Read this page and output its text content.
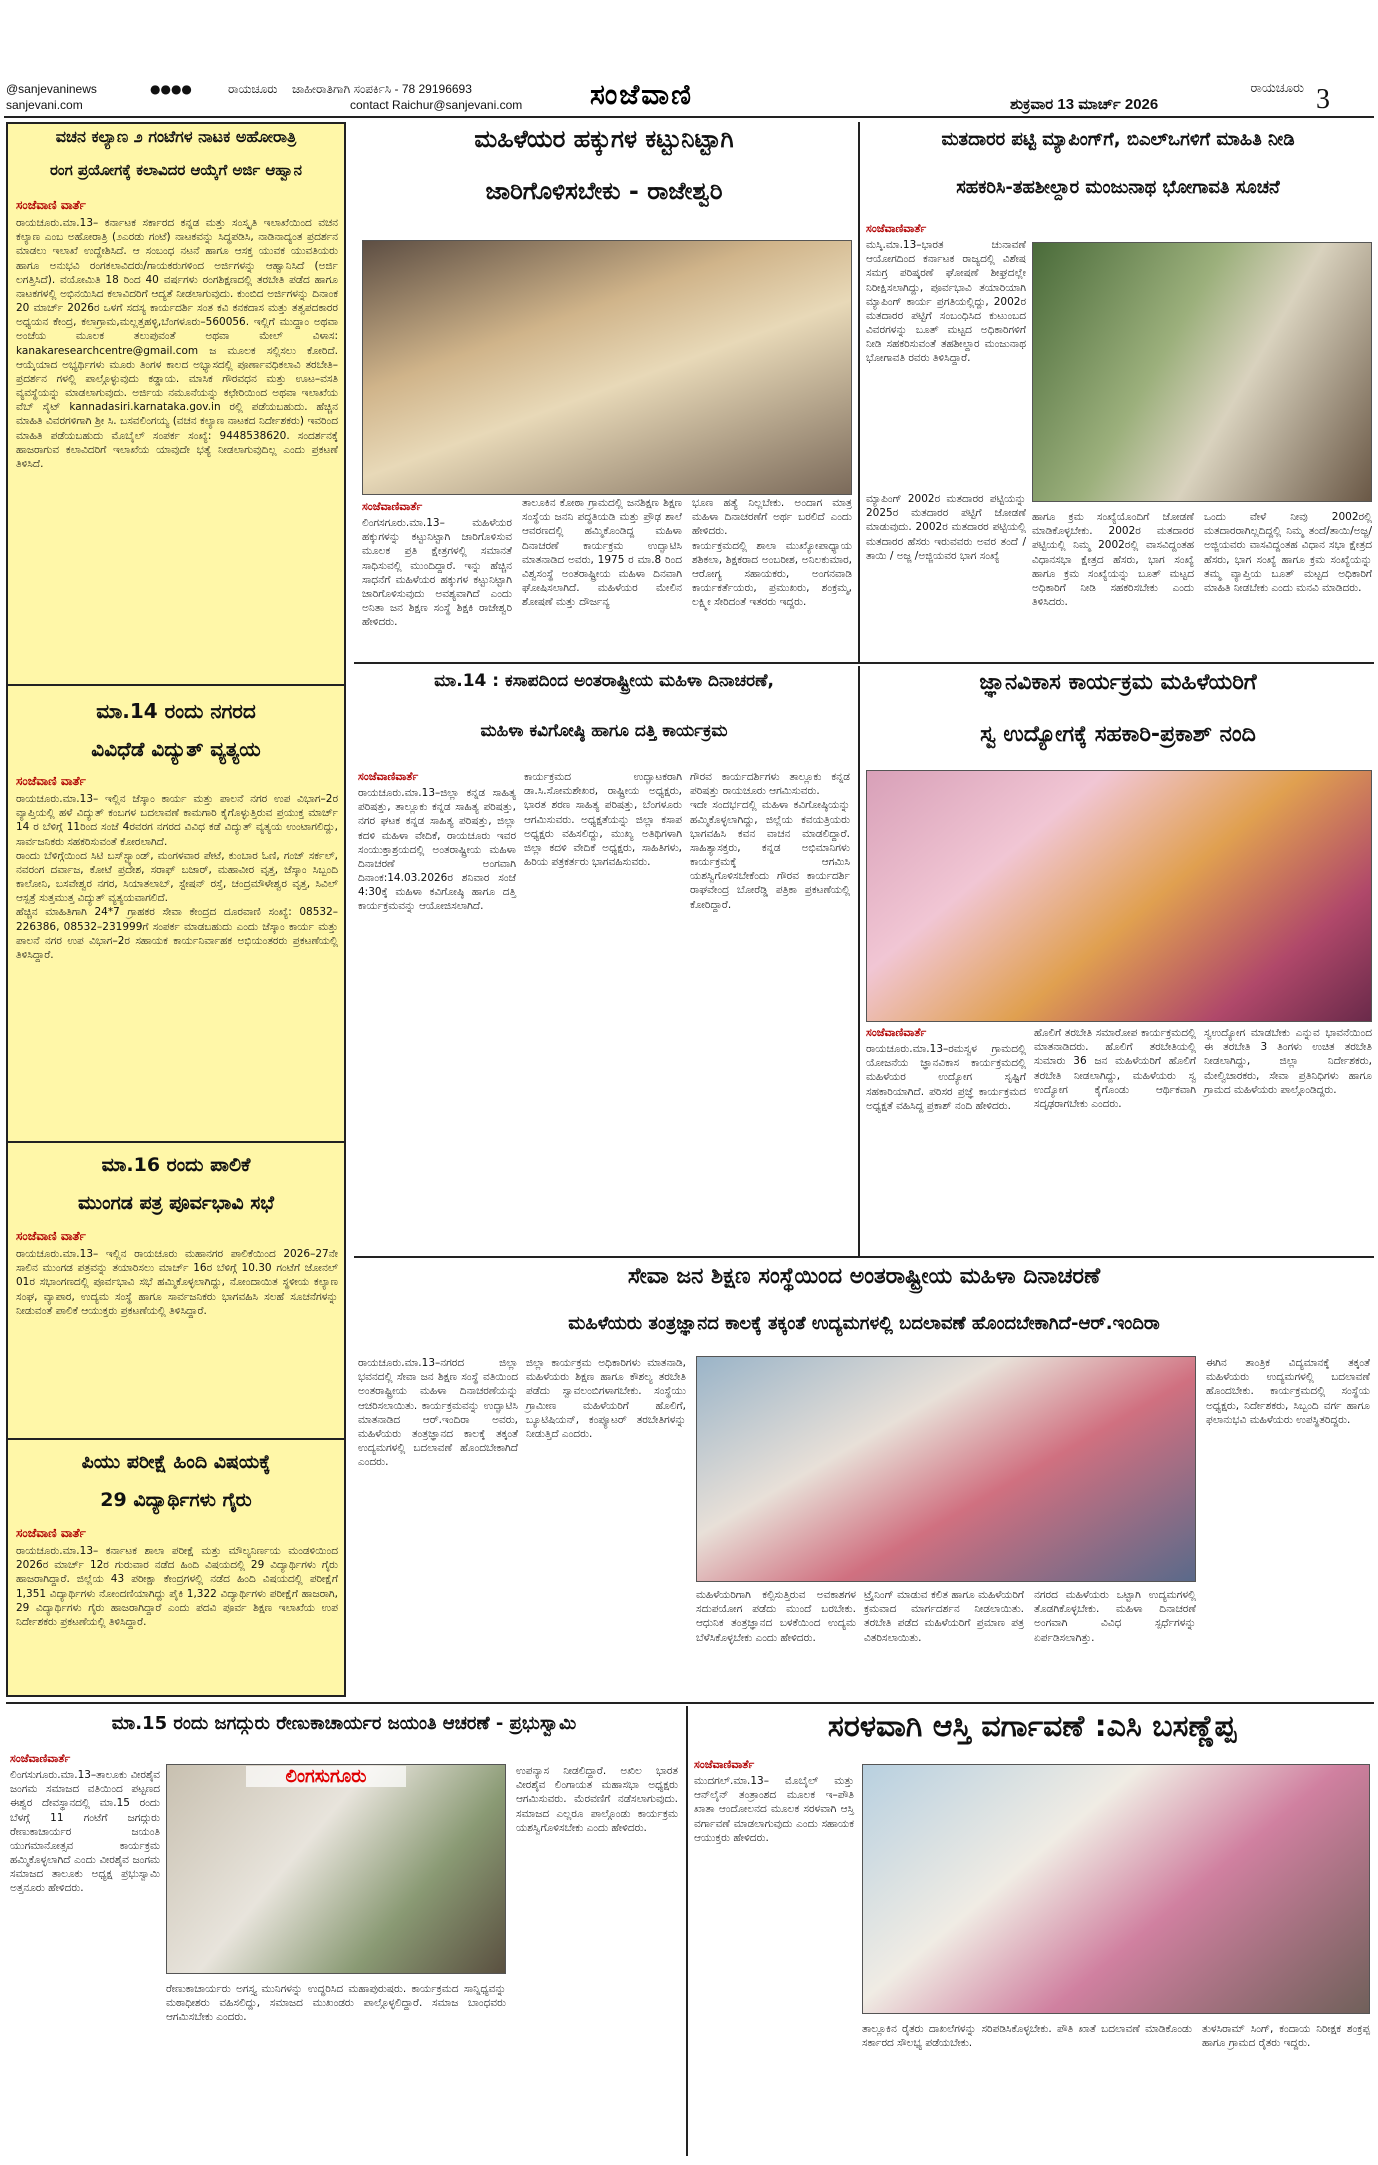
@sanjevaninews	●●●●
sanjevani.com
ರಾಯಚೂರು	ಜಾಹೀರಾತಿಗಾಗಿ ಸಂಪರ್ಕಿಸಿ - 78 29196693
contact Raichur@sanjevani.com	ಸಂಜೆವಾಣಿ	ರಾಯಚೂರು
ಶುಕ್ರವಾರ 13 ಮಾರ್ಚ್ 2026	3
ವಚನ ಕಲ್ಯಾಣ ೨ ಗಂಟೆಗಳ ನಾಟಕ ಅಹೋರಾತ್ರಿ
ರಂಗ ಪ್ರಯೋಗಕ್ಕೆ ಕಲಾವಿದರ ಆಯ್ಕೆಗೆ ಅರ್ಜಿ ಆಹ್ವಾನ
ಸಂಜೆವಾಣಿ ವಾರ್ತೆ
ರಾಯಚೂರು.ಮಾ.13– ಕರ್ನಾಟಕ ಸರ್ಕಾರದ ಕನ್ನಡ ಮತ್ತು ಸಂಸ್ಕೃತಿ ಇಲಾಖೆಯಿಂದ ವಚನ ಕಲ್ಯಾಣ ಎಂಬ ಅಹೋರಾತ್ರಿ (೨ಎರಡು ಗಂಟೆ) ನಾಟಕವನ್ನು ಸಿದ್ಧಪಡಿಸಿ, ನಾಡಿನಾದ್ಯಂತ ಪ್ರದರ್ಶನ ಮಾಡಲು ಇಲಾಖೆ ಉದ್ದೇಶಿಸಿದೆ. ಆ ಸಂಬಂಧ ನಟನೆ ಹಾಗೂ ಆಸಕ್ತ ಯುವಕ ಯುವತಿಯರು ಹಾಗೂ ಅನುಭವಿ ರಂಗಕಲಾವಿದರು/ಗಾಯಕರುಗಳಿಂದ ಅರ್ಜಿಗಳನ್ನು ಆಹ್ವಾನಿಸಿದೆ (ಅರ್ಜಿ ಲಗತ್ತಿಸಿದೆ). ವಯೋಮಿತಿ 18 ರಿಂದ 40 ವರ್ಷಗಳು ರಂಗಶಿಕ್ಷಣದಲ್ಲಿ ತರಬೇತಿ ಪಡೆದ ಹಾಗೂ ನಾಟಕಗಳಲ್ಲಿ ಅಭಿನಯಿಸಿದ ಕಲಾವಿದರಿಗೆ ಆದ್ಯತೆ ನೀಡಲಾಗುವುದು. ಕುಂಬಿದ ಅರ್ಜಿಗಳನ್ನು ದಿನಾಂಕ 20 ಮಾರ್ಚ್ 2026ರ ಒಳಗೆ ಸದಸ್ಯ ಕಾರ್ಯದರ್ಶಿ ಸಂತ ಕವಿ ಕನಕದಾಸ ಮತ್ತು ತತ್ವಪದಕಾರರ ಅಧ್ಯಯನ ಕೇಂದ್ರ, ಕಲಾಗ್ರಾಮ,ಮಲ್ಲತ್ತಹಳ್ಳಿ,ಬೆಂಗಳೂರು–560056. ಇಲ್ಲಿಗೆ ಮುದ್ದಾಂ ಅಥವಾ ಅಂಚೆಯ ಮೂಲಕ ತಲುಪುವಂತೆ ಅಥವಾ ಮೇಲ್ ವಿಳಾಸ: kanakaresearchcentre@gmail.com ಜ ಮೂಲಕ ಸಲ್ಲಿಸಲು ಕೋರಿದೆ. ಆಯ್ಕೆಯಾದ ಅಭ್ಯರ್ಥಿಗಳು ಮೂರು ತಿಂಗಳ ಕಾಲದ ಅಭ್ಯಾಸದಲ್ಲಿ ಪೂರ್ಣಾವಧಿಕಲಾವಿ ತರಬೇತಿ– ಪ್ರದರ್ಶನ ಗಳಲ್ಲಿ ಪಾಲ್ಗೊಳ್ಳುವುದು ಕಡ್ಡಾಯ. ಮಾಸಿಕ ಗೌರವಧನ ಮತ್ತು ಊಟ–ವಸತಿ ವ್ಯವಸ್ಥೆಯನ್ನು ಮಾಡಲಾಗುವುದು. ಅರ್ಜಿಯ ನಮೂನೆಯನ್ನು ಕಛೇರಿಯಿಂದ ಅಥವಾ ಇಲಾಖೆಯ ವೆಬ್ ಸೈಟ್ kannadasiri.karnataka.gov.in ರಲ್ಲಿ ಪಡೆಯಬಹುದು. ಹೆಚ್ಚಿನ ಮಾಹಿತಿ ವಿವರಗಳಿಗಾಗಿ ಶ್ರೀ ಸಿ. ಬಸವಲಿಂಗಯ್ಯ (ವಚನ ಕಲ್ಯಾಣ ನಾಟಕದ ನಿರ್ದೇಶಕರು) ಇವರಿಂದ ಮಾಹಿತಿ ಪಡೆಯಬಹುದು ಮೊಬೈಲ್ ಸಂಪರ್ಕ ಸಂಖ್ಯೆ: 9448538620. ಸಂದರ್ಶನಕ್ಕೆ ಹಾಜರಾಗುವ ಕಲಾವಿದರಿಗೆ ಇಲಾಖೆಯ ಯಾವುದೇ ಭತ್ಯೆ ನೀಡಲಾಗುವುದಿಲ್ಲ ಎಂದು ಪ್ರಕಟಣೆ ತಿಳಿಸಿದೆ.
ಮಾ.14 ರಂದು ನಗರದ
ವಿವಿಧೆಡೆ ವಿದ್ಯುತ್ ವ್ಯತ್ಯಯ
ಸಂಜೆವಾಣಿ ವಾರ್ತೆ
ರಾಯಚೂರು.ಮಾ.13– ಇಲ್ಲಿನ ಜೆಸ್ಕಾಂ ಕಾರ್ಯ ಮತ್ತು ಪಾಲನೆ ನಗರ ಉಪ ವಿಭಾಗ–2ರ ವ್ಯಾಪ್ತಿಯಲ್ಲಿ ಹಳೆ ವಿದ್ಯುತ್ ಕಂಬಗಳ ಬದಲಾವಣೆ ಕಾಮಗಾರಿ ಕೈಗೊಳ್ಳುತ್ತಿರುವ ಪ್ರಯುಕ್ತ ಮಾರ್ಚ್ 14 ರ ಬೆಳಿಗ್ಗೆ 11ರಿಂದ ಸಂಜೆ 4ರವರಗ ನಗರದ ವಿವಿಧ ಕಡೆ ವಿದ್ಯುತ್ ವ್ಯತ್ಯಯ ಉಂಟಾಗಲಿದ್ದು, ಸಾರ್ವಜನಿಕರು ಸಹಕರಿಸುವಂತೆ ಕೋರಲಾಗಿದೆ.
ರಾಂದು ಬೆಳಿಗ್ಗೆಯಿಂದ ಸಿಟಿ ಬಸ್‌ಸ್ಟ್ಯಾಂಡ್, ಮಂಗಳವಾರ ಪೇಟೆ, ಕುಂಬಾರ ಓಣಿ, ಗಂಜ್ ಸರ್ಕಲ್, ನವರಂಗ ದರ್ವಾಜ, ಕೋಟೆ ಪ್ರದೇಶ, ಸರಾಫ್ ಬಜಾರ್, ಮಹಾವೀರ ವೃತ್ತ, ಜೆಸ್ಕಾಂ ಸಿಬ್ಬಂದಿ ಕಾಲೋನಿ, ಬಸವೇಶ್ವರ ನಗರ, ಸಿಯಾತಲಾಬ್, ಸ್ಟೇಷನ್ ರಸ್ತೆ, ಚಂದ್ರಮೌಳೇಶ್ವರ ವೃತ್ತ, ಸಿವಿಲ್ ಆಸ್ಪತ್ರೆ ಸುತ್ತಮುತ್ತ ವಿದ್ಯುತ್ ವ್ಯತ್ಯಯವಾಗಲಿದೆ.
ಹೆಚ್ಚಿನ ಮಾಹಿತಿಗಾಗಿ 24*7 ಗ್ರಾಹಕರ ಸೇವಾ ಕೇಂದ್ರದ ದೂರವಾಣಿ ಸಂಖ್ಯೆ: 08532–226386, 08532–231999ಗೆ ಸಂಪರ್ಕ ಮಾಡಬಹುದು ಎಂದು ಜೆಸ್ಕಾಂ ಕಾರ್ಯ ಮತ್ತು ಪಾಲನೆ ನಗರ ಉಪ ವಿಭಾಗ–2ರ ಸಹಾಯಕ ಕಾರ್ಯನಿರ್ವಾಹಕ ಅಭಿಯಂತರರು ಪ್ರಕಟಣೆಯಲ್ಲಿ ತಿಳಿಸಿದ್ದಾರೆ.
ಮಾ.16 ರಂದು ಪಾಲಿಕೆ
ಮುಂಗಡ ಪತ್ರ ಪೂರ್ವಭಾವಿ ಸಭೆ
ಸಂಜೆವಾಣಿ ವಾರ್ತೆ
ರಾಯಚೂರು.ಮಾ.13– ಇಲ್ಲಿನ ರಾಯಚೂರು ಮಹಾನಗರ ಪಾಲಿಕೆಯಿಂದ 2026–27ನೇ ಸಾಲಿನ ಮುಂಗಡ ಪತ್ರವನ್ನು ತಯಾರಿಸಲು ಮಾರ್ಚ್ 16ರ ಬೆಳಿಗ್ಗೆ 10.30 ಗಂಟೆಗೆ ಜೋನಲ್ 01ರ ಸಭಾಂಗಣದಲ್ಲಿ ಪೂರ್ವಭಾವಿ ಸಭೆ ಹಮ್ಮಿಕೊಳ್ಳಲಾಗಿದ್ದು, ನೋಂದಾಯಿತ ಸ್ಥಳೀಯ ಕಲ್ಯಾಣ ಸಂಘ, ವ್ಯಾಪಾರ, ಉದ್ಯಮ ಸಂಸ್ಥೆ ಹಾಗೂ ಸಾರ್ವಜನಿಕರು ಭಾಗವಹಿಸಿ ಸಲಹೆ ಸೂಚನೆಗಳನ್ನು ನೀಡುವಂತೆ ಪಾಲಿಕೆ ಆಯುಕ್ತರು ಪ್ರಕಟಣೆಯಲ್ಲಿ ತಿಳಿಸಿದ್ದಾರೆ.
ಪಿಯು ಪರೀಕ್ಷೆ ಹಿಂದಿ ವಿಷಯಕ್ಕೆ
29 ವಿದ್ಯಾರ್ಥಿಗಳು ಗೈರು
ಸಂಜೆವಾಣಿ ವಾರ್ತೆ
ರಾಯಚೂರು.ಮಾ.13– ಕರ್ನಾಟಕ ಶಾಲಾ ಪರೀಕ್ಷೆ ಮತ್ತು ಮೌಲ್ಯನಿರ್ಣಯ ಮಂಡಳಿಯಿಂದ 2026ರ ಮಾರ್ಚ್ 12ರ ಗುರುವಾರ ನಡೆದ ಹಿಂದಿ ವಿಷಯದಲ್ಲಿ 29 ವಿದ್ಯಾರ್ಥಿಗಳು ಗೈರು ಹಾಜರಾಗಿದ್ದಾರೆ. ಜಿಲ್ಲೆಯ 43 ಪರೀಕ್ಷಾ ಕೇಂದ್ರಗಳಲ್ಲಿ ನಡೆದ ಹಿಂದಿ ವಿಷಯದಲ್ಲಿ ಪರೀಕ್ಷೆಗೆ 1,351 ವಿದ್ಯಾರ್ಥಿಗಳು ನೋಂದಣಿಯಾಗಿದ್ದು ಪೈಕಿ 1,322 ವಿದ್ಯಾರ್ಥಿಗಳು ಪರೀಕ್ಷೆಗೆ ಹಾಜರಾಗಿ, 29 ವಿದ್ಯಾರ್ಥಿಗಳು ಗೈರು ಹಾಜರಾಗಿದ್ದಾರೆ ಎಂದು ಪದವಿ ಪೂರ್ವ ಶಿಕ್ಷಣ ಇಲಾಖೆಯ ಉಪ ನಿರ್ದೇಶಕರು ಪ್ರಕಟಣೆಯಲ್ಲಿ ತಿಳಿಸಿದ್ದಾರೆ.
ಮಹಿಳೆಯರ ಹಕ್ಕುಗಳ ಕಟ್ಟುನಿಟ್ಟಾಗಿ
ಜಾರಿಗೊಳಿಸಬೇಕು - ರಾಜೇಶ್ವರಿ
ಸಂಜೆವಾಣಿವಾರ್ತೆ
ಲಿಂಗಸಗೂರು.ಮಾ.13– ಮಹಿಳೆಯರ ಹಕ್ಕುಗಳನ್ನು ಕಟ್ಟುನಿಟ್ಟಾಗಿ ಜಾರಿಗೊಳಿಸುವ ಮೂಲಕ ಪ್ರತಿ ಕ್ಷೇತ್ರಗಳಲ್ಲಿ ಸಮಾನತೆ ಸಾಧಿಸುವಲ್ಲಿ ಮುಂದಿದ್ದಾರೆ. ಇನ್ನು ಹೆಚ್ಚಿನ ಸಾಧನೆಗೆ ಮಹಿಳೆಯರ ಹಕ್ಕುಗಳ ಕಟ್ಟುನಿಟ್ಟಾಗಿ ಜಾರಿಗೊಳಿಸುವುದು ಅವಶ್ಯವಾಗಿದೆ ಎಂದು ಅನಿತಾ ಜನ ಶಿಕ್ಷಣ ಸಂಸ್ಥೆ ಶಿಕ್ಷಕಿ ರಾಜೇಶ್ವರಿ ಹೇಳಿದರು.
ತಾಲೂಕಿನ ಕೋಠಾ ಗ್ರಾಮದಲ್ಲಿ ಜನಶಿಕ್ಷಣ ಶಿಕ್ಷಣ ಸಂಸ್ಥೆಯ ಜನನಿ ಪದ್ಧತಿಯಡಿ ಮತ್ತು ಪ್ರೌಢ ಶಾಲೆ ಆವರಣದಲ್ಲಿ ಹಮ್ಮಿಕೊಂಡಿದ್ದ ಮಹಿಳಾ ದಿನಾಚರಣೆ ಕಾರ್ಯಕ್ರಮ ಉದ್ಘಾಟಿಸಿ ಮಾತನಾಡಿದ ಅವರು, 1975 ರ ಮಾ.8 ರಿಂದ ವಿಶ್ವಸಂಸ್ಥೆ ಅಂತರಾಷ್ಟ್ರೀಯ ಮಹಿಳಾ ದಿನವಾಗಿ ಘೋಷಿಸಲಾಗಿದೆ. ಮಹಿಳೆಯರ ಮೇಲಿನ ಶೋಷಣೆ ಮತ್ತು ದೌರ್ಜನ್ಯ
ಭೂಣ ಹತ್ಯೆ ನಿಲ್ಲಬೇಕು. ಅಂದಾಗ ಮಾತ್ರ ಮಹಿಳಾ ದಿನಾಚರಣೆಗೆ ಅರ್ಥ ಬರಲಿದೆ ಎಂದು ಹೇಳಿದರು.
ಕಾರ್ಯಕ್ರಮದಲ್ಲಿ ಶಾಲಾ ಮುಖ್ಯೋಪಾಧ್ಯಾಯ ಶಶಿಕಲಾ, ಶಿಕ್ಷಕರಾದ ಅಂಬರೀಶ, ಅನಿಲಕುಮಾರ, ಆರೋಗ್ಯ ಸಹಾಯಕರು, ಅಂಗನವಾಡಿ ಕಾರ್ಯಕರ್ತೆಯರು, ಪ್ರಮುಖರು, ಶಂಕ್ರಮ್ಮ, ಲಕ್ಷ್ಮೀ ಸೇರಿದಂತೆ ಇತರರು ಇದ್ದರು.
ಮತದಾರರ ಪಟ್ಟಿ ಮ್ಯಾಪಿಂಗ್‌ಗೆ, ಬಿಎಲ್‌ಒಗಳಿಗೆ ಮಾಹಿತಿ ನೀಡಿ
ಸಹಕರಿಸಿ-ತಹಶೀಲ್ದಾರ ಮಂಜುನಾಥ ಭೋಗಾವತಿ ಸೂಚನೆ
ಸಂಜೆವಾಣಿವಾರ್ತೆ
ಮಸ್ಕಿ.ಮಾ.13–ಭಾರತ ಚುನಾವಣೆ ಆಯೋಗದಿಂದ ಕರ್ನಾಟಕ ರಾಜ್ಯದಲ್ಲಿ ವಿಶೇಷ ಸಮಗ್ರ ಪರಿಷ್ಕರಣೆ ಘೋಷಣೆ ಶೀಘ್ರದಲ್ಲೇ ನಿರೀಕ್ಷಿಸಲಾಗಿದ್ದು, ಪೂರ್ವಭಾವಿ ತಯಾರಿಯಾಗಿ ಮ್ಯಾಪಿಂಗ್ ಕಾರ್ಯ ಪ್ರಗತಿಯಲ್ಲಿದ್ದು, 2002ರ ಮತದಾರರ ಪಟ್ಟಿಗೆ ಸಂಬಂಧಿಸಿದ ಕುಟುಂಬದ ವಿವರಗಳನ್ನು ಬೂತ್ ಮಟ್ಟದ ಅಧಿಕಾರಿಗಳಿಗೆ ನೀಡಿ ಸಹಕರಿಸುವಂತೆ ತಹಶೀಲ್ದಾರ ಮಂಜುನಾಥ ಭೋಗಾವತಿ ರವರು ತಿಳಿಸಿದ್ದಾರೆ.
ಮ್ಯಾಪಿಂಗ್ 2002ರ ಮತದಾರರ ಪಟ್ಟಿಯನ್ನು 2025ರ ಮತದಾರರ ಪಟ್ಟಿಗೆ ಜೋಡಣೆ ಮಾಡುವುದು. 2002ರ ಮತದಾರರ ಪಟ್ಟಿಯಲ್ಲಿ ಮತದಾರರ ಹೆಸರು ಇರುವವರು ಅವರ ತಂದೆ / ತಾಯಿ / ಅಜ್ಜ /ಅಜ್ಜಿಯವರ ಭಾಗ ಸಂಖ್ಯೆ
ಹಾಗೂ ಕ್ರಮ ಸಂಖ್ಯೆಯೊಂದಿಗೆ ಜೋಡಣೆ ಮಾಡಿಕೊಳ್ಳಬೇಕು. 2002ರ ಮತದಾರರ ಪಟ್ಟಿಯಲ್ಲಿ ನಿಮ್ಮ 2002ರಲ್ಲಿ ವಾಸವಿದ್ದಂತಹ ವಿಧಾನಸಭಾ ಕ್ಷೇತ್ರದ ಹೆಸರು, ಭಾಗ ಸಂಖ್ಯೆ ಹಾಗೂ ಕ್ರಮ ಸಂಖ್ಯೆಯನ್ನು ಬೂತ್ ಮಟ್ಟದ ಅಧಿಕಾರಿಗೆ ನೀಡಿ ಸಹಕರಿಸಬೇಕು ಎಂದು ತಿಳಿಸಿದರು.
ಒಂದು ವೇಳೆ ನೀವು 2002ರಲ್ಲಿ ಮತದಾರರಾಗಿಲ್ಲದಿದ್ದಲ್ಲಿ ನಿಮ್ಮ ತಂದೆ/ತಾಯಿ/ಅಜ್ಜ/ಅಜ್ಜಿಯವರು ವಾಸವಿದ್ದಂತಹ ವಿಧಾನ ಸಭಾ ಕ್ಷೇತ್ರದ ಹೆಸರು, ಭಾಗ ಸಂಖ್ಯೆ ಹಾಗೂ ಕ್ರಮ ಸಂಖ್ಯೆಯನ್ನು ತಮ್ಮ ವ್ಯಾಪ್ತಿಯ ಬೂತ್ ಮಟ್ಟದ ಅಧಿಕಾರಿಗೆ ಮಾಹಿತಿ ನೀಡಬೇಕು ಎಂದು ಮನವಿ ಮಾಡಿದರು.
ಮಾ.14 : ಕಸಾಪದಿಂದ ಅಂತರಾಷ್ಟ್ರೀಯ ಮಹಿಳಾ ದಿನಾಚರಣೆ,
ಮಹಿಳಾ ಕವಿಗೋಷ್ಠಿ ಹಾಗೂ ದತ್ತಿ ಕಾರ್ಯಕ್ರಮ
ಸಂಜೆವಾಣಿವಾರ್ತೆ
ರಾಯಚೂರು.ಮಾ.13–ಜಿಲ್ಲಾ ಕನ್ನಡ ಸಾಹಿತ್ಯ ಪರಿಷತ್ತು, ತಾಲ್ಲೂಕು ಕನ್ನಡ ಸಾಹಿತ್ಯ ಪರಿಷತ್ತು, ನಗರ ಘಟಕ ಕನ್ನಡ ಸಾಹಿತ್ಯ ಪರಿಷತ್ತು, ಜಿಲ್ಲಾ ಕದಳಿ ಮಹಿಳಾ ವೇದಿಕೆ, ರಾಯಚೂರು ಇವರ ಸಂಯುಕ್ತಾಶ್ರಯದಲ್ಲಿ ಅಂತರಾಷ್ಟ್ರೀಯ ಮಹಿಳಾ ದಿನಾಚರಣೆ ಅಂಗವಾಗಿ ದಿನಾಂಕ:14.03.2026ರ ಶನಿವಾರ ಸಂಜೆ 4:30ಕ್ಕೆ ಮಹಿಳಾ ಕವಿಗೋಷ್ಠಿ ಹಾಗೂ ದತ್ತಿ ಕಾರ್ಯಕ್ರಮವನ್ನು ಆಯೋಜಿಸಲಾಗಿದೆ.
ಕಾರ್ಯಕ್ರಮದ ಉದ್ಘಾಟಕರಾಗಿ ಡಾ.ಸಿ.ಸೋಮಶೇಖರ, ರಾಷ್ಟ್ರೀಯ ಅಧ್ಯಕ್ಷರು, ಭಾರತ ಶರಣ ಸಾಹಿತ್ಯ ಪರಿಷತ್ತು, ಬೆಂಗಳೂರು ಆಗಮಿಸುವರು. ಅಧ್ಯಕ್ಷತೆಯನ್ನು ಜಿಲ್ಲಾ ಕಸಾಪ ಅಧ್ಯಕ್ಷರು ವಹಿಸಲಿದ್ದು, ಮುಖ್ಯ ಅತಿಥಿಗಳಾಗಿ ಜಿಲ್ಲಾ ಕದಳಿ ವೇದಿಕೆ ಅಧ್ಯಕ್ಷರು, ಸಾಹಿತಿಗಳು, ಹಿರಿಯ ಪತ್ರಕರ್ತರು ಭಾಗವಹಿಸುವರು.
ಗೌರವ ಕಾರ್ಯದರ್ಶಿಗಳು ತಾಲ್ಲೂಕು ಕನ್ನಡ ಪರಿಷತ್ತು ರಾಯಚೂರು ಆಗಮಿಸುವರು.
ಇದೇ ಸಂದರ್ಭದಲ್ಲಿ ಮಹಿಳಾ ಕವಿಗೋಷ್ಠಿಯನ್ನು ಹಮ್ಮಿಕೊಳ್ಳಲಾಗಿದ್ದು, ಜಿಲ್ಲೆಯ ಕವಯತ್ರಿಯರು ಭಾಗವಹಿಸಿ ಕವನ ವಾಚನ ಮಾಡಲಿದ್ದಾರೆ. ಸಾಹಿತ್ಯಾಸಕ್ತರು, ಕನ್ನಡ ಅಭಿಮಾನಿಗಳು ಕಾರ್ಯಕ್ರಮಕ್ಕೆ ಆಗಮಿಸಿ ಯಶಸ್ವಿಗೊಳಿಸಬೇಕೆಂದು ಗೌರವ ಕಾರ್ಯದರ್ಶಿ ರಾಘವೇಂದ್ರ ಬೋರೆಡ್ಡಿ ಪತ್ರಿಕಾ ಪ್ರಕಟಣೆಯಲ್ಲಿ ಕೋರಿದ್ದಾರೆ.
ಜ್ಞಾನವಿಕಾಸ ಕಾರ್ಯಕ್ರಮ ಮಹಿಳೆಯರಿಗೆ
ಸ್ವ ಉದ್ಯೋಗಕ್ಕೆ ಸಹಕಾರಿ-ಪ್ರಕಾಶ್ ನಂದಿ
ಸಂಜೆವಾಣಿವಾರ್ತೆ
ರಾಯಚೂರು.ಮಾ.13–ರಮಸ್ವಳ ಗ್ರಾಮದಲ್ಲಿ ಯೋಜನೆಯ ಜ್ಞಾನವಿಕಾಸ ಕಾರ್ಯಕ್ರಮದಲ್ಲಿ ಮಹಿಳೆಯರ ಉದ್ಯೋಗ ಸೃಷ್ಟಿಗೆ ಸಹಕಾರಿಯಾಗಿದೆ. ಪರಿಸರ ಪ್ರಜ್ಞೆ ಕಾರ್ಯಕ್ರಮದ ಅಧ್ಯಕ್ಷತೆ ವಹಿಸಿದ್ದ ಪ್ರಕಾಶ್ ನಂದಿ ಹೇಳಿದರು.
ಹೊಲಿಗೆ ತರಬೇತಿ ಸಮಾರೋಪ ಕಾರ್ಯಕ್ರಮದಲ್ಲಿ ಮಾತನಾಡಿದರು. ಹೊಲಿಗೆ ತರಬೇತಿಯಲ್ಲಿ ಸುಮಾರು 36 ಜನ ಮಹಿಳೆಯರಿಗೆ ಹೊಲಿಗೆ ತರಬೇತಿ ನೀಡಲಾಗಿದ್ದು, ಮಹಿಳೆಯರು ಸ್ವ ಉದ್ಯೋಗ ಕೈಗೊಂಡು ಆರ್ಥಿಕವಾಗಿ ಸದೃಢರಾಗಬೇಕು ಎಂದರು.
ಸ್ವಉದ್ಯೋಗ ಮಾಡಬೇಕು ಎನ್ನುವ ಭಾವನೆಯಿಂದ ಈ ತರಬೇತಿ 3 ತಿಂಗಳು ಉಚಿತ ತರಬೇತಿ ನೀಡಲಾಗಿದ್ದು, ಜಿಲ್ಲಾ ನಿರ್ದೇಶಕರು, ಮೇಲ್ವಿಚಾರಕರು, ಸೇವಾ ಪ್ರತಿನಿಧಿಗಳು ಹಾಗೂ ಗ್ರಾಮದ ಮಹಿಳೆಯರು ಪಾಲ್ಗೊಂಡಿದ್ದರು.
ಸೇವಾ ಜನ ಶಿಕ್ಷಣ ಸಂಸ್ಥೆಯಿಂದ ಅಂತರಾಷ್ಟ್ರೀಯ ಮಹಿಳಾ ದಿನಾಚರಣೆ
ಮಹಿಳೆಯರು ತಂತ್ರಜ್ಞಾನದ ಕಾಲಕ್ಕೆ ತಕ್ಕಂತೆ ಉದ್ಯಮಗಳಲ್ಲಿ ಬದಲಾವಣೆ ಹೊಂದಬೇಕಾಗಿದೆ-ಆರ್.ಇಂದಿರಾ
ರಾಯಚೂರು.ಮಾ.13–ನಗರದ ಜಿಲ್ಲಾ ಭವನದಲ್ಲಿ ಸೇವಾ ಜನ ಶಿಕ್ಷಣ ಸಂಸ್ಥೆ ವತಿಯಿಂದ ಅಂತರಾಷ್ಟ್ರೀಯ ಮಹಿಳಾ ದಿನಾಚರಣೆಯನ್ನು ಆಚರಿಸಲಾಯಿತು. ಕಾರ್ಯಕ್ರಮವನ್ನು ಉದ್ಘಾಟಿಸಿ ಮಾತನಾಡಿದ ಆರ್.ಇಂದಿರಾ ಅವರು, ಮಹಿಳೆಯರು ತಂತ್ರಜ್ಞಾನದ ಕಾಲಕ್ಕೆ ತಕ್ಕಂತೆ ಉದ್ಯಮಗಳಲ್ಲಿ ಬದಲಾವಣೆ ಹೊಂದಬೇಕಾಗಿದೆ ಎಂದರು.
ಜಿಲ್ಲಾ ಕಾರ್ಯಕ್ರಮ ಅಧಿಕಾರಿಗಳು ಮಾತನಾಡಿ, ಮಹಿಳೆಯರು ಶಿಕ್ಷಣ ಹಾಗೂ ಕೌಶಲ್ಯ ತರಬೇತಿ ಪಡೆದು ಸ್ವಾವಲಂಬಿಗಳಾಗಬೇಕು. ಸಂಸ್ಥೆಯು ಗ್ರಾಮೀಣ ಮಹಿಳೆಯರಿಗೆ ಹೊಲಿಗೆ, ಬ್ಯೂಟಿಷಿಯನ್, ಕಂಪ್ಯೂಟರ್ ತರಬೇತಿಗಳನ್ನು ನೀಡುತ್ತಿದೆ ಎಂದರು.
ಮಹಿಳೆಯರಿಗಾಗಿ ಕಲ್ಪಿಸುತ್ತಿರುವ ಅವಕಾಶಗಳ ಸದುಪಯೋಗ ಪಡೆದು ಮುಂದೆ ಬರಬೇಕು. ಆಧುನಿಕ ತಂತ್ರಜ್ಞಾನದ ಬಳಕೆಯಿಂದ ಉದ್ಯಮ ಬೆಳೆಸಿಕೊಳ್ಳಬೇಕು ಎಂದು ಹೇಳಿದರು.
ಟ್ರೈನಿಂಗ್ ಮಾಡುವ ಕಲಿತ ಹಾಗೂ ಮಹಿಳೆಯರಿಗೆ ಕ್ರಮವಾದ ಮಾರ್ಗದರ್ಶನ ನೀಡಲಾಯಿತು. ತರಬೇತಿ ಪಡೆದ ಮಹಿಳೆಯರಿಗೆ ಪ್ರಮಾಣ ಪತ್ರ ವಿತರಿಸಲಾಯಿತು.
ನಗರದ ಮಹಿಳೆಯರು ಒಟ್ಟಾಗಿ ಉದ್ಯಮಗಳಲ್ಲಿ ತೊಡಗಿಕೊಳ್ಳಬೇಕು. ಮಹಿಳಾ ದಿನಾಚರಣೆ ಅಂಗವಾಗಿ ವಿವಿಧ ಸ್ಪರ್ಧೆಗಳನ್ನು ಏರ್ಪಡಿಸಲಾಗಿತ್ತು.
ಈಗಿನ ತಾಂತ್ರಿಕ ವಿದ್ಯಮಾನಕ್ಕೆ ತಕ್ಕಂತೆ ಮಹಿಳೆಯರು ಉದ್ಯಮಗಳಲ್ಲಿ ಬದಲಾವಣೆ ಹೊಂದಬೇಕು. ಕಾರ್ಯಕ್ರಮದಲ್ಲಿ ಸಂಸ್ಥೆಯ ಅಧ್ಯಕ್ಷರು, ನಿರ್ದೇಶಕರು, ಸಿಬ್ಬಂದಿ ವರ್ಗ ಹಾಗೂ ಫಲಾನುಭವಿ ಮಹಿಳೆಯರು ಉಪಸ್ಥಿತರಿದ್ದರು.
ಮಾ.15 ರಂದು ಜಗದ್ಗುರು ರೇಣುಕಾಚಾರ್ಯರ ಜಯಂತಿ ಆಚರಣೆ - ಪ್ರಭುಸ್ವಾಮಿ
ಸಂಜೆವಾಣಿವಾರ್ತೆ
ಲಿಂಗಸುಗೂರು.ಮಾ.13–ತಾಲೂಕು ವೀರಶೈವ ಜಂಗಮ ಸಮಾಜದ ವತಿಯಿಂದ ಪಟ್ಟಣದ ಈಶ್ವರ ದೇವಸ್ಥಾನದಲ್ಲಿ ಮಾ.15 ರಂದು ಬೆಳಗ್ಗೆ 11 ಗಂಟೆಗೆ ಜಗದ್ಗುರು ರೇಣುಕಾಚಾರ್ಯರ ಜಯಂತಿ ಯುಗಮಾನೋತ್ಸವ ಕಾರ್ಯಕ್ರಮ ಹಮ್ಮಿಕೊಳ್ಳಲಾಗಿದೆ ಎಂದು ವೀರಶೈವ ಜಂಗಮ ಸಮಾಜದ ತಾಲೂಕು ಅಧ್ಯಕ್ಷ ಪ್ರಭುಸ್ವಾಮಿ ಅತ್ತನೂರು ಹೇಳಿದರು.
ಲಿಂಗಸುಗೂರು
ರೇಣುಕಾಚಾರ್ಯರು ಅಗಸ್ತ್ಯ ಮುನಿಗಳನ್ನು ಉದ್ಧರಿಸಿದ ಮಹಾಪುರುಷರು. ಕಾರ್ಯಕ್ರಮದ ಸಾನ್ನಿಧ್ಯವನ್ನು ಮಠಾಧೀಶರು ವಹಿಸಲಿದ್ದು, ಸಮಾಜದ ಮುಖಂಡರು ಪಾಲ್ಗೊಳ್ಳಲಿದ್ದಾರೆ. ಸಮಾಜ ಬಾಂಧವರು ಆಗಮಿಸಬೇಕು ಎಂದರು.
ಉಪನ್ಯಾಸ ನೀಡಲಿದ್ದಾರೆ. ಅಖಿಲ ಭಾರತ ವೀರಶೈವ ಲಿಂಗಾಯತ ಮಹಾಸಭಾ ಅಧ್ಯಕ್ಷರು ಆಗಮಿಸುವರು. ಮೆರವಣಿಗೆ ನಡೆಸಲಾಗುವುದು. ಸಮಾಜದ ಎಲ್ಲರೂ ಪಾಲ್ಗೊಂಡು ಕಾರ್ಯಕ್ರಮ ಯಶಸ್ವಿಗೊಳಿಸಬೇಕು ಎಂದು ಹೇಳಿದರು.
ಸರಳವಾಗಿ ಆಸ್ತಿ ವರ್ಗಾವಣೆ :ಎಸಿ ಬಸಣ್ಣೆಪ್ಪ
ಸಂಜೆವಾಣಿವಾರ್ತೆ
ಮುದಗಲ್.ಮಾ.13– ಮೊಬೈಲ್ ಮತ್ತು ಆನ್‌ಲೈನ್ ತಂತ್ರಾಂಶದ ಮೂಲಕ ಇ–ಪೌತಿ ಖಾತಾ ಆಂದೋಲನದ ಮೂಲಕ ಸರಳವಾಗಿ ಆಸ್ತಿ ವರ್ಗಾವಣೆ ಮಾಡಲಾಗುವುದು ಎಂದು ಸಹಾಯಕ ಆಯುಕ್ತರು ಹೇಳಿದರು.
ತಾಲ್ಲೂಕಿನ ರೈತರು ದಾಖಲೆಗಳನ್ನು ಸರಿಪಡಿಸಿಕೊಳ್ಳಬೇಕು. ಪೌತಿ ಖಾತೆ ಬದಲಾವಣೆ ಮಾಡಿಕೊಂಡು ಸರ್ಕಾರದ ಸೌಲಭ್ಯ ಪಡೆಯಬೇಕು.
ತುಳಸಿರಾಮ್ ಸಿಂಗ್, ಕಂದಾಯ ನಿರೀಕ್ಷಕ ಶಂಕ್ರಪ್ಪ ಹಾಗೂ ಗ್ರಾಮದ ರೈತರು ಇದ್ದರು.
